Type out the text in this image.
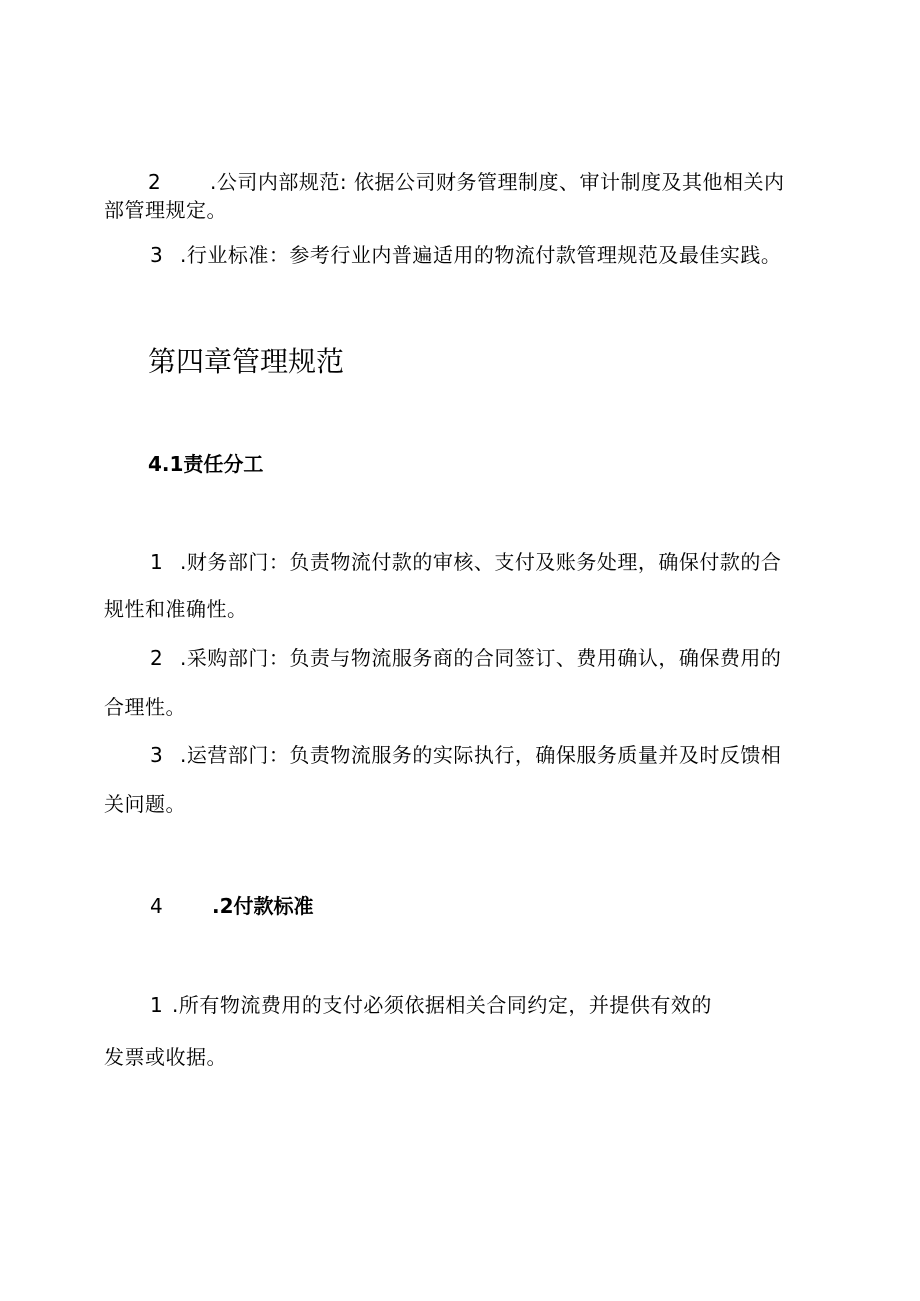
2 .公司内部规范: 依据公司财务管理制度、审计制度及其他相关内
部管理规定。
3 .行业标准：参考行业内普遍适用的物流付款管理规范及最佳实践。
第四章管理规范
4.1责任分工
1 .财务部门：负责物流付款的审核、支付及账务处理，确保付款的合
规性和准确性。
2 .采购部门：负责与物流服务商的合同签订、费用确认，确保费用的
合理性。
3 .运营部门：负责物流服务的实际执行，确保服务质量并及时反馈相
关问题。
4 .2付款标准
1 .所有物流费用的支付必须依据相关合同约定，并提供有效的
发票或收据。
